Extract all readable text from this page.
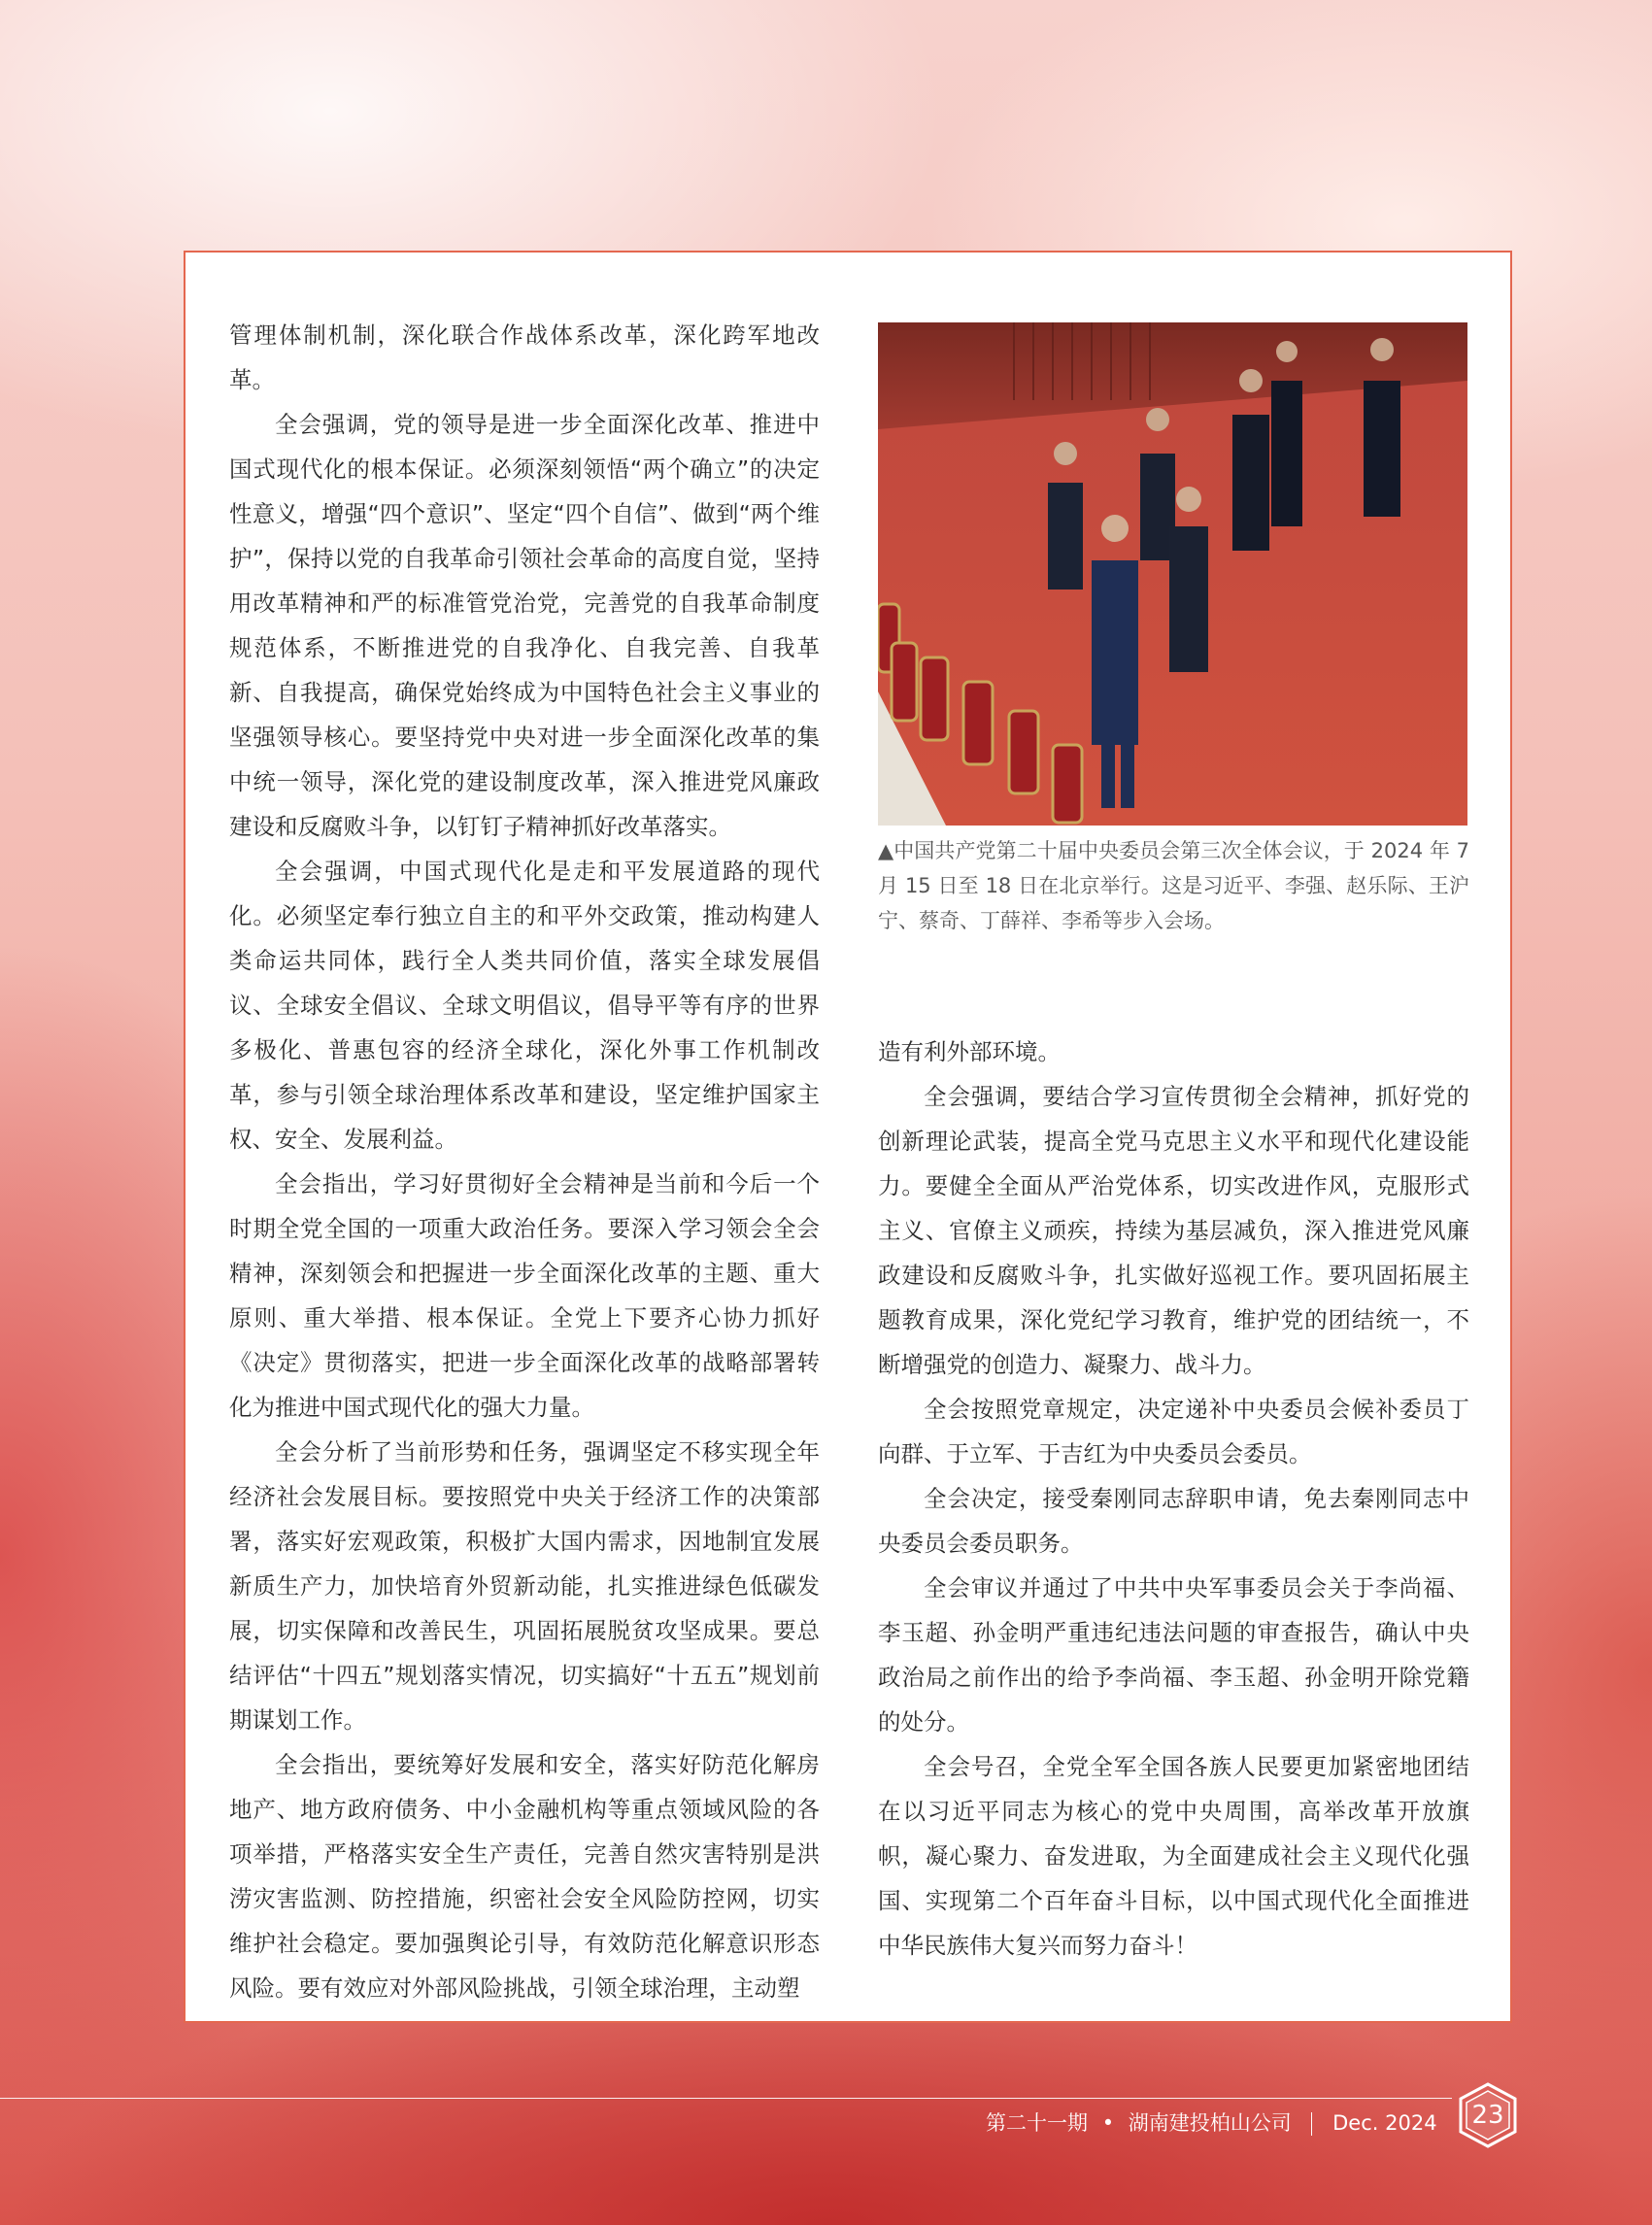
管理体制机制，深化联合作战体系改革，深化跨军地改革。

全会强调，党的领导是进一步全面深化改革、推进中国式现代化的根本保证。必须深刻领悟“两个确立”的决定性意义，增强“四个意识”、坚定“四个自信”、做到“两个维护”，保持以党的自我革命引领社会革命的高度自觉，坚持用改革精神和严的标准管党治党，完善党的自我革命制度规范体系，不断推进党的自我净化、自我完善、自我革新、自我提高，确保党始终成为中国特色社会主义事业的坚强领导核心。要坚持党中央对进一步全面深化改革的集中统一领导，深化党的建设制度改革，深入推进党风廉政建设和反腐败斗争，以钉钉子精神抓好改革落实。

全会强调，中国式现代化是走和平发展道路的现代化。必须坚定奉行独立自主的和平外交政策，推动构建人类命运共同体，践行全人类共同价值，落实全球发展倡议、全球安全倡议、全球文明倡议，倡导平等有序的世界多极化、普惠包容的经济全球化，深化外事工作机制改革，参与引领全球治理体系改革和建设，坚定维护国家主权、安全、发展利益。

全会指出，学习好贯彻好全会精神是当前和今后一个时期全党全国的一项重大政治任务。要深入学习领会全会精神，深刻领会和把握进一步全面深化改革的主题、重大原则、重大举措、根本保证。全党上下要齐心协力抓好《决定》贯彻落实，把进一步全面深化改革的战略部署转化为推进中国式现代化的强大力量。

全会分析了当前形势和任务，强调坚定不移实现全年经济社会发展目标。要按照党中央关于经济工作的决策部署，落实好宏观政策，积极扩大国内需求，因地制宜发展新质生产力，加快培育外贸新动能，扎实推进绿色低碳发展，切实保障和改善民生，巩固拓展脱贫攻坚成果。要总结评估“十四五”规划落实情况，切实搞好“十五五”规划前期谋划工作。

全会指出，要统筹好发展和安全，落实好防范化解房地产、地方政府债务、中小金融机构等重点领域风险的各项举措，严格落实安全生产责任，完善自然灾害特别是洪涝灾害监测、防控措施，织密社会安全风险防控网，切实维护社会稳定。要加强舆论引导，有效防范化解意识形态风险。要有效应对外部风险挑战，引领全球治理，主动塑

▲中国共产党第二十届中央委员会第三次全体会议，于 2024 年 7 月 15 日至 18 日在北京举行。这是习近平、李强、赵乐际、王沪宁、蔡奇、丁薛祥、李希等步入会场。

造有利外部环境。

全会强调，要结合学习宣传贯彻全会精神，抓好党的创新理论武装，提高全党马克思主义水平和现代化建设能力。要健全全面从严治党体系，切实改进作风，克服形式主义、官僚主义顽疾，持续为基层减负，深入推进党风廉政建设和反腐败斗争，扎实做好巡视工作。要巩固拓展主题教育成果，深化党纪学习教育，维护党的团结统一，不断增强党的创造力、凝聚力、战斗力。

全会按照党章规定，决定递补中央委员会候补委员丁向群、于立军、于吉红为中央委员会委员。

全会决定，接受秦刚同志辞职申请，免去秦刚同志中央委员会委员职务。

全会审议并通过了中共中央军事委员会关于李尚福、李玉超、孙金明严重违纪违法问题的审查报告，确认中央政治局之前作出的给予李尚福、李玉超、孙金明开除党籍的处分。

全会号召，全党全军全国各族人民要更加紧密地团结在以习近平同志为核心的党中央周围，高举改革开放旗帜，凝心聚力、奋发进取，为全面建成社会主义现代化强国、实现第二个百年奋斗目标，以中国式现代化全面推进中华民族伟大复兴而努力奋斗！

第二十一期 • 湖南建投柏山公司 Dec. 2024	23
